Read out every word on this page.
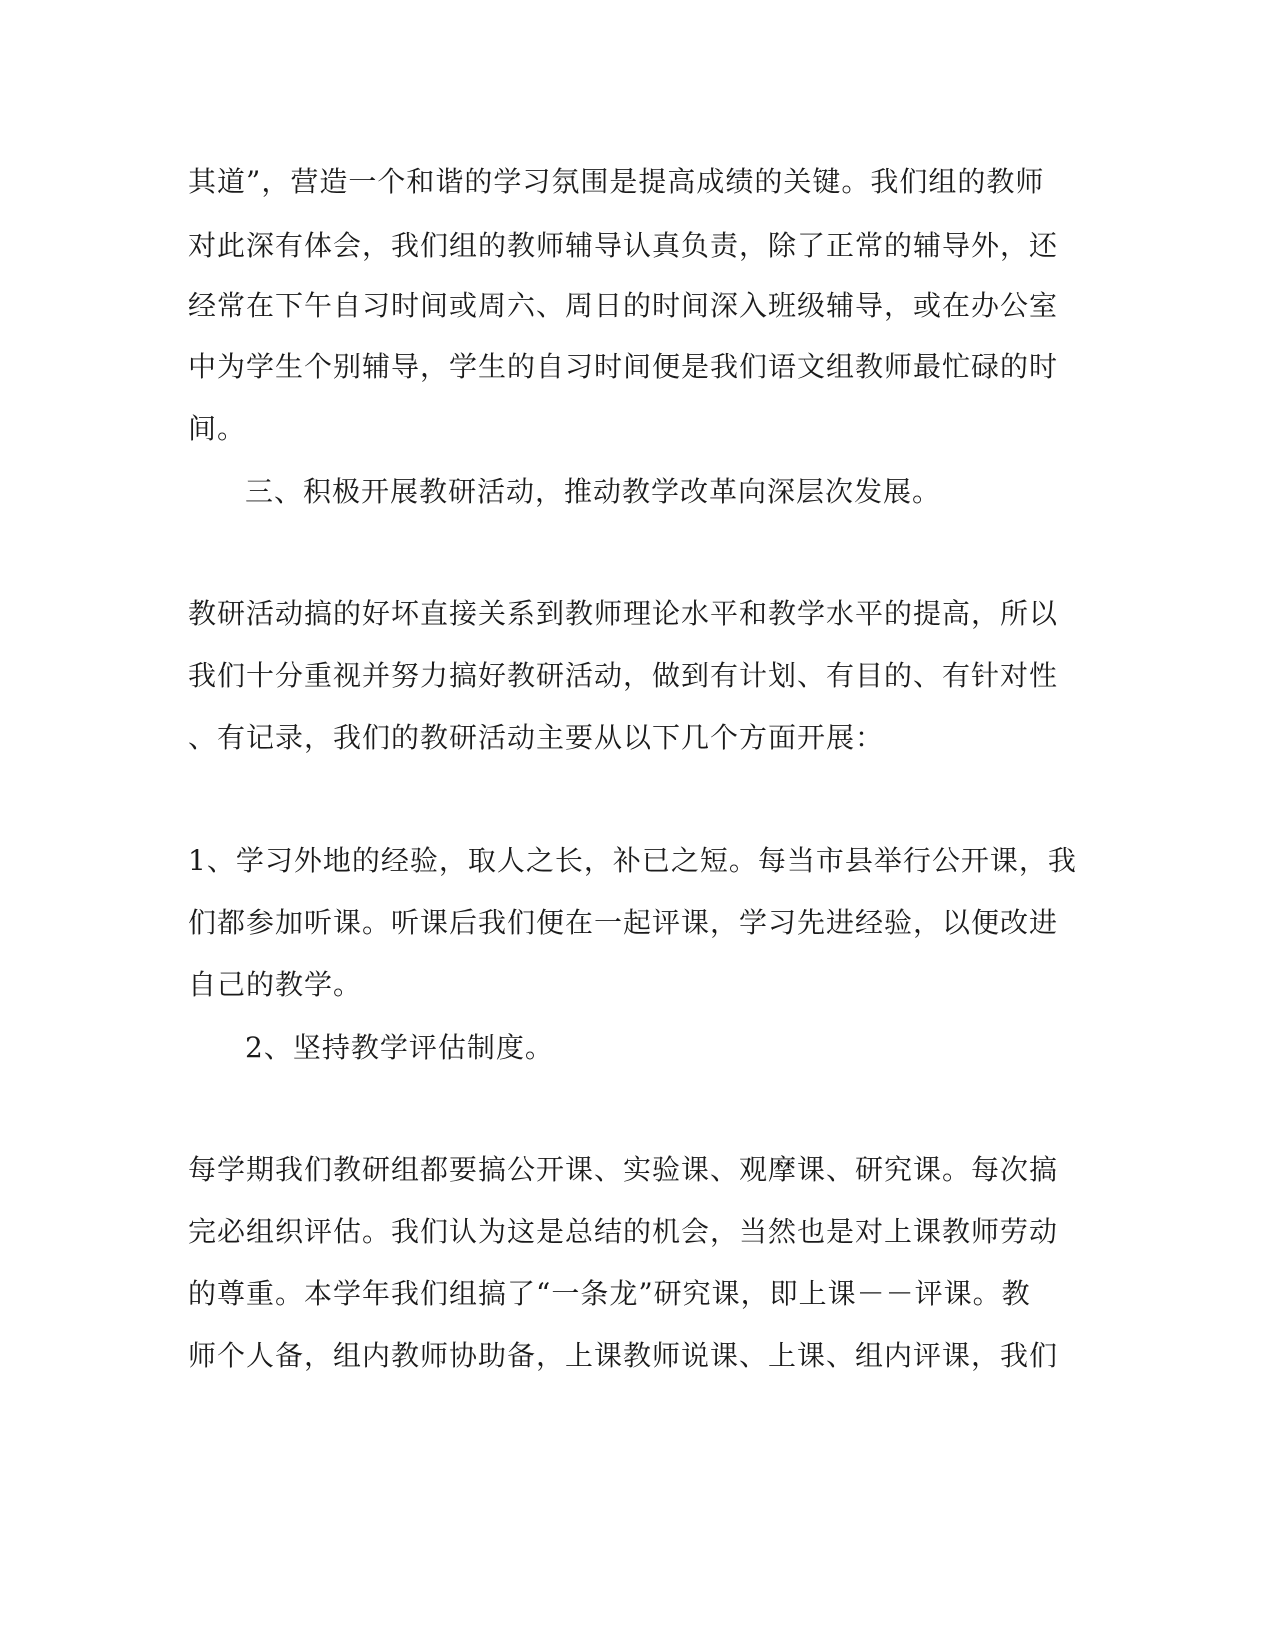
其道”，营造一个和谐的学习氛围是提高成绩的关键。我们组的教师
对此深有体会，我们组的教师辅导认真负责，除了正常的辅导外，还
经常在下午自习时间或周六、周日的时间深入班级辅导，或在办公室
中为学生个别辅导，学生的自习时间便是我们语文组教师最忙碌的时
间。
三、积极开展教研活动，推动教学改革向深层次发展。
教研活动搞的好坏直接关系到教师理论水平和教学水平的提高，所以
我们十分重视并努力搞好教研活动，做到有计划、有目的、有针对性
、有记录，我们的教研活动主要从以下几个方面开展：
1、学习外地的经验，取人之长，补已之短。每当市县举行公开课，我
们都参加听课。听课后我们便在一起评课，学习先进经验，以便改进
自己的教学。
2、坚持教学评估制度。
每学期我们教研组都要搞公开课、实验课、观摩课、研究课。每次搞
完必组织评估。我们认为这是总结的机会，当然也是对上课教师劳动
的尊重。本学年我们组搞了“一条龙”研究课，即上课－－评课。教
师个人备，组内教师协助备，上课教师说课、上课、组内评课，我们
